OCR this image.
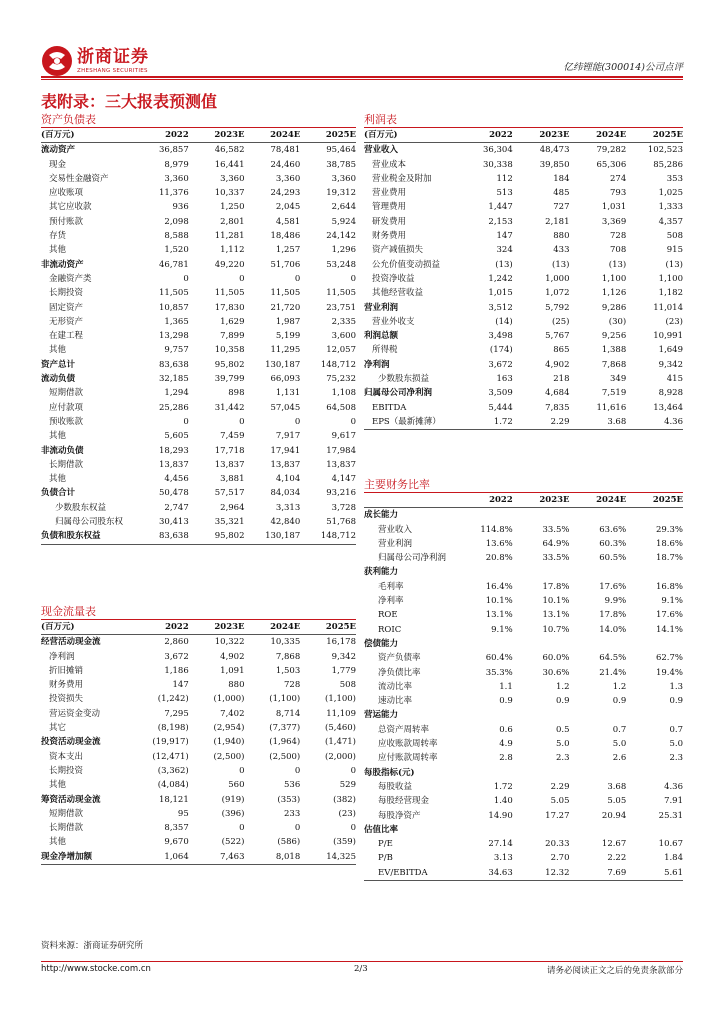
浙商证券
ZHESHANG SECURITIES	亿纬锂能(300014)公司点评
表附录：三大报表预测值
资产负债表
(百万元)	2022	2023E	2024E	2025E
流动资产	36,857	46,582	78,481	95,464
现金	8,979	16,441	24,460	38,785
交易性金融资产	3,360	3,360	3,360	3,360
应收账项	11,376	10,337	24,293	19,312
其它应收款	936	1,250	2,045	2,644
预付账款	2,098	2,801	4,581	5,924
存货	8,588	11,281	18,486	24,142
其他	1,520	1,112	1,257	1,296
非流动资产	46,781	49,220	51,706	53,248
金融资产类	0	0	0	0
长期投资	11,505	11,505	11,505	11,505
固定资产	10,857	17,830	21,720	23,751
无形资产	1,365	1,629	1,987	2,335
在建工程	13,298	7,899	5,199	3,600
其他	9,757	10,358	11,295	12,057
资产总计	83,638	95,802	130,187	148,712
流动负债	32,185	39,799	66,093	75,232
短期借款	1,294	898	1,131	1,108
应付款项	25,286	31,442	57,045	64,508
预收账款	0	0	0	0
其他	5,605	7,459	7,917	9,617
非流动负债	18,293	17,718	17,941	17,984
长期借款	13,837	13,837	13,837	13,837
其他	4,456	3,881	4,104	4,147
负债合计	50,478	57,517	84,034	93,216
少数股东权益	2,747	2,964	3,313	3,728
归属母公司股东权	30,413	35,321	42,840	51,768
负债和股东权益	83,638	95,802	130,187	148,712
利润表
(百万元)	2022	2023E	2024E	2025E
营业收入	36,304	48,473	79,282	102,523
营业成本	30,338	39,850	65,306	85,286
营业税金及附加	112	184	274	353
营业费用	513	485	793	1,025
管理费用	1,447	727	1,031	1,333
研发费用	2,153	2,181	3,369	4,357
财务费用	147	880	728	508
资产减值损失	324	433	708	915
公允价值变动损益	(13)	(13)	(13)	(13)
投资净收益	1,242	1,000	1,100	1,100
其他经营收益	1,015	1,072	1,126	1,182
营业利润	3,512	5,792	9,286	11,014
营业外收支	(14)	(25)	(30)	(23)
利润总额	3,498	5,767	9,256	10,991
所得税	(174)	865	1,388	1,649
净利润	3,672	4,902	7,868	9,342
少数股东损益	163	218	349	415
归属母公司净利润	3,509	4,684	7,519	8,928
EBITDA	5,444	7,835	11,616	13,464
EPS（最新摊薄）	1.72	2.29	3.68	4.36
主要财务比率
	2022	2023E	2024E	2025E
成长能力				
营业收入	114.8%	33.5%	63.6%	29.3%
营业利润	13.6%	64.9%	60.3%	18.6%
归属母公司净利润	20.8%	33.5%	60.5%	18.7%
获利能力				
毛利率	16.4%	17.8%	17.6%	16.8%
净利率	10.1%	10.1%	9.9%	9.1%
ROE	13.1%	13.1%	17.8%	17.6%
ROIC	9.1%	10.7%	14.0%	14.1%
偿债能力				
资产负债率	60.4%	60.0%	64.5%	62.7%
净负债比率	35.3%	30.6%	21.4%	19.4%
流动比率	1.1	1.2	1.2	1.3
速动比率	0.9	0.9	0.9	0.9
营运能力				
总资产周转率	0.6	0.5	0.7	0.7
应收账款周转率	4.9	5.0	5.0	5.0
应付账款周转率	2.8	2.3	2.6	2.3
每股指标(元)				
每股收益	1.72	2.29	3.68	4.36
每股经营现金	1.40	5.05	5.05	7.91
每股净资产	14.90	17.27	20.94	25.31
估值比率				
P/E	27.14	20.33	12.67	10.67
P/B	3.13	2.70	2.22	1.84
EV/EBITDA	34.63	12.32	7.69	5.61
现金流量表
(百万元)	2022	2023E	2024E	2025E
经营活动现金流	2,860	10,322	10,335	16,178
净利润	3,672	4,902	7,868	9,342
折旧摊销	1,186	1,091	1,503	1,779
财务费用	147	880	728	508
投资损失	(1,242)	(1,000)	(1,100)	(1,100)
营运资金变动	7,295	7,402	8,714	11,109
其它	(8,198)	(2,954)	(7,377)	(5,460)
投资活动现金流	(19,917)	(1,940)	(1,964)	(1,471)
资本支出	(12,471)	(2,500)	(2,500)	(2,000)
长期投资	(3,362)	0	0	0
其他	(4,084)	560	536	529
筹资活动现金流	18,121	(919)	(353)	(382)
短期借款	95	(396)	233	(23)
长期借款	8,357	0	0	0
其他	9,670	(522)	(586)	(359)
现金净增加额	1,064	7,463	8,018	14,325
资料来源：浙商证券研究所
http://www.stocke.com.cn	2/3	请务必阅读正文之后的免责条款部分
